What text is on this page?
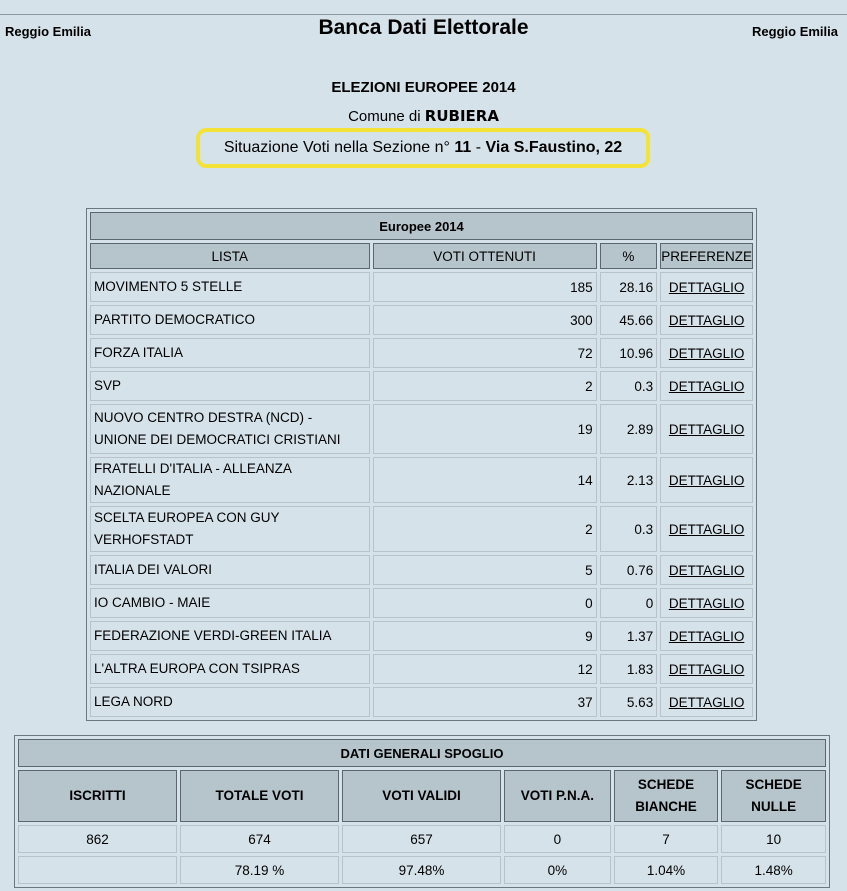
Reggio Emilia	Banca Dati Elettorale	Reggio Emilia
ELEZIONI EUROPEE 2014
Comune di RUBIERA
Situazione Voti nella Sezione n° 11 - Via S.Faustino, 22
Europee 2014			
LISTA	VOTI OTTENUTI	%	PREFERENZE
MOVIMENTO 5 STELLE	185	28.16	DETTAGLIO
PARTITO DEMOCRATICO	300	45.66	DETTAGLIO
FORZA ITALIA	72	10.96	DETTAGLIO
SVP	2	0.3	DETTAGLIO
NUOVO CENTRO DESTRA (NCD) - UNIONE DEI DEMOCRATICI CRISTIANI	19	2.89	DETTAGLIO
FRATELLI D'ITALIA - ALLEANZA NAZIONALE	14	2.13	DETTAGLIO
SCELTA EUROPEA CON GUY VERHOFSTADT	2	0.3	DETTAGLIO
ITALIA DEI VALORI	5	0.76	DETTAGLIO
IO CAMBIO - MAIE	0	0	DETTAGLIO
FEDERAZIONE VERDI-GREEN ITALIA	9	1.37	DETTAGLIO
L'ALTRA EUROPA CON TSIPRAS	12	1.83	DETTAGLIO
LEGA NORD	37	5.63	DETTAGLIO
DATI GENERALI SPOGLIO					
ISCRITTI	TOTALE VOTI	VOTI VALIDI	VOTI P.N.A.	SCHEDE BIANCHE	SCHEDE NULLE
862	674	657	0	7	10
	78.19 %	97.48%	0%	1.04%	1.48%
